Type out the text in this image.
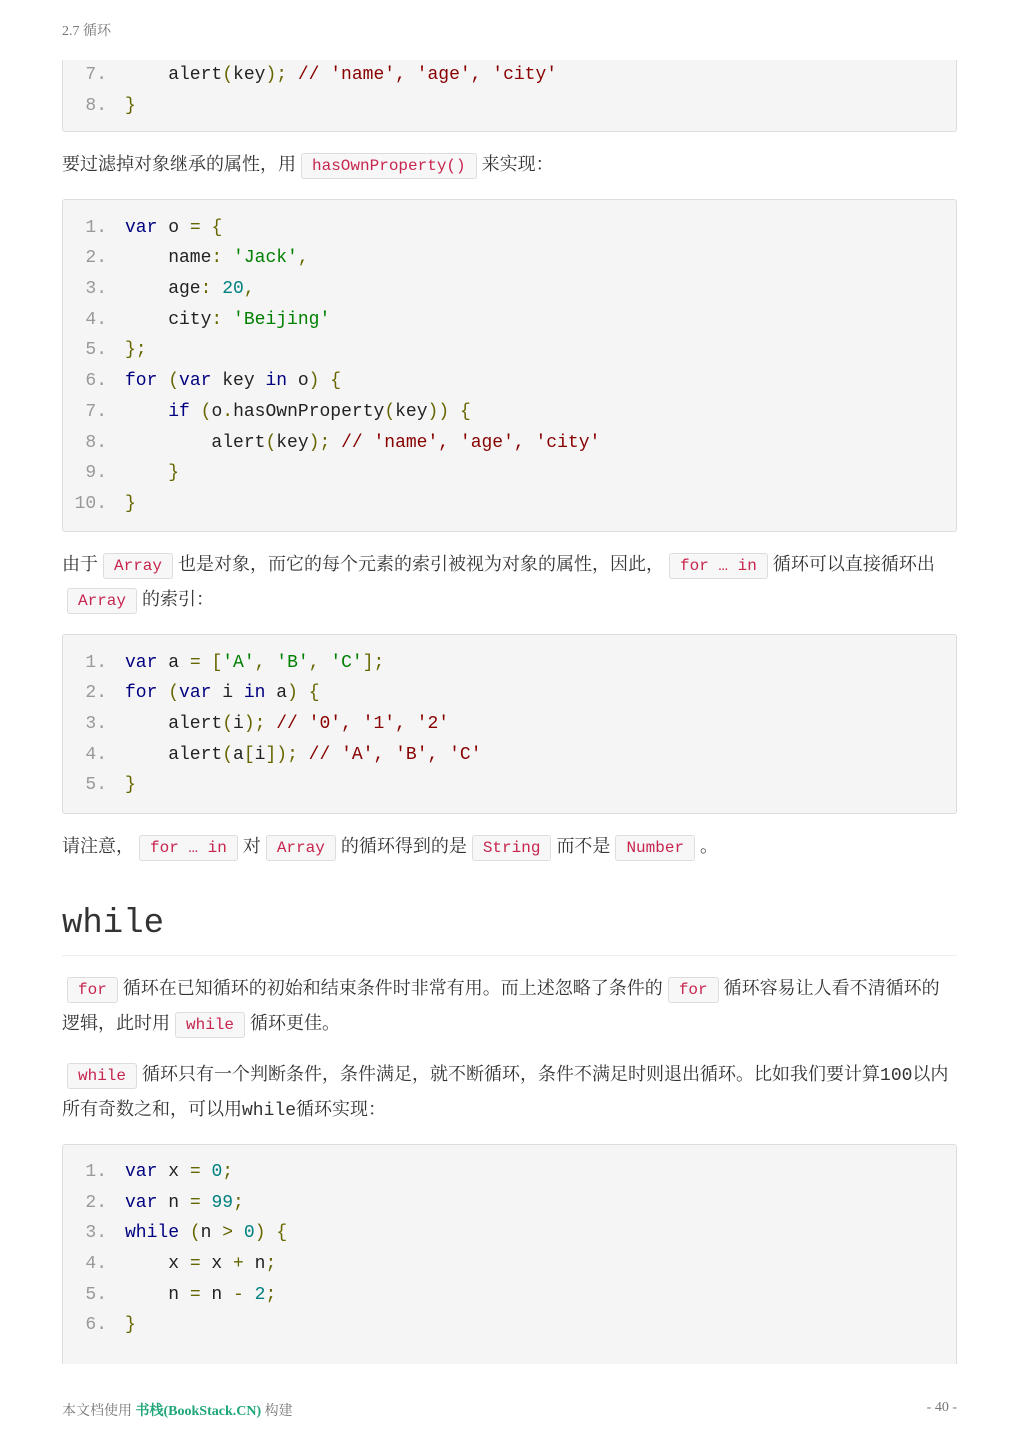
2.7 循环
7.	alert(key); // 'name', 'age', 'city'
8.	}

要过滤掉对象继承的属性，用 hasOwnProperty() 来实现：

1.	var o = {
2.	name: 'Jack',
3.	age: 20,
4.	city: 'Beijing'
5.	};
6.	for (var key in o) {
7.	if (o.hasOwnProperty(key)) {
8.	alert(key); // 'name', 'age', 'city'
9.	}
10.	}

由于 Array 也是对象，而它的每个元素的索引被视为对象的属性，因此， for … in 循环可以直接循环出Array 的索引：

1.	var a = ['A', 'B', 'C'];
2.	for (var i in a) {
3.	alert(i); // '0', '1', '2'
4.	alert(a[i]); // 'A', 'B', 'C'
5.	}

请注意， for … in 对 Array 的循环得到的是 String 而不是 Number 。

while

for 循环在已知循环的初始和结束条件时非常有用。而上述忽略了条件的 for 循环容易让人看不清循环的逻辑，此时用 while 循环更佳。

while 循环只有一个判断条件，条件满足，就不断循环，条件不满足时则退出循环。比如我们要计算100以内所有奇数之和，可以用while循环实现：

1.	var x = 0;
2.	var n = 99;
3.	while (n > 0) {
4.	x = x + n;
5.	n = n - 2;
6.	}
本文档使用 书栈(BookStack.CN) 构建	- 40 -
